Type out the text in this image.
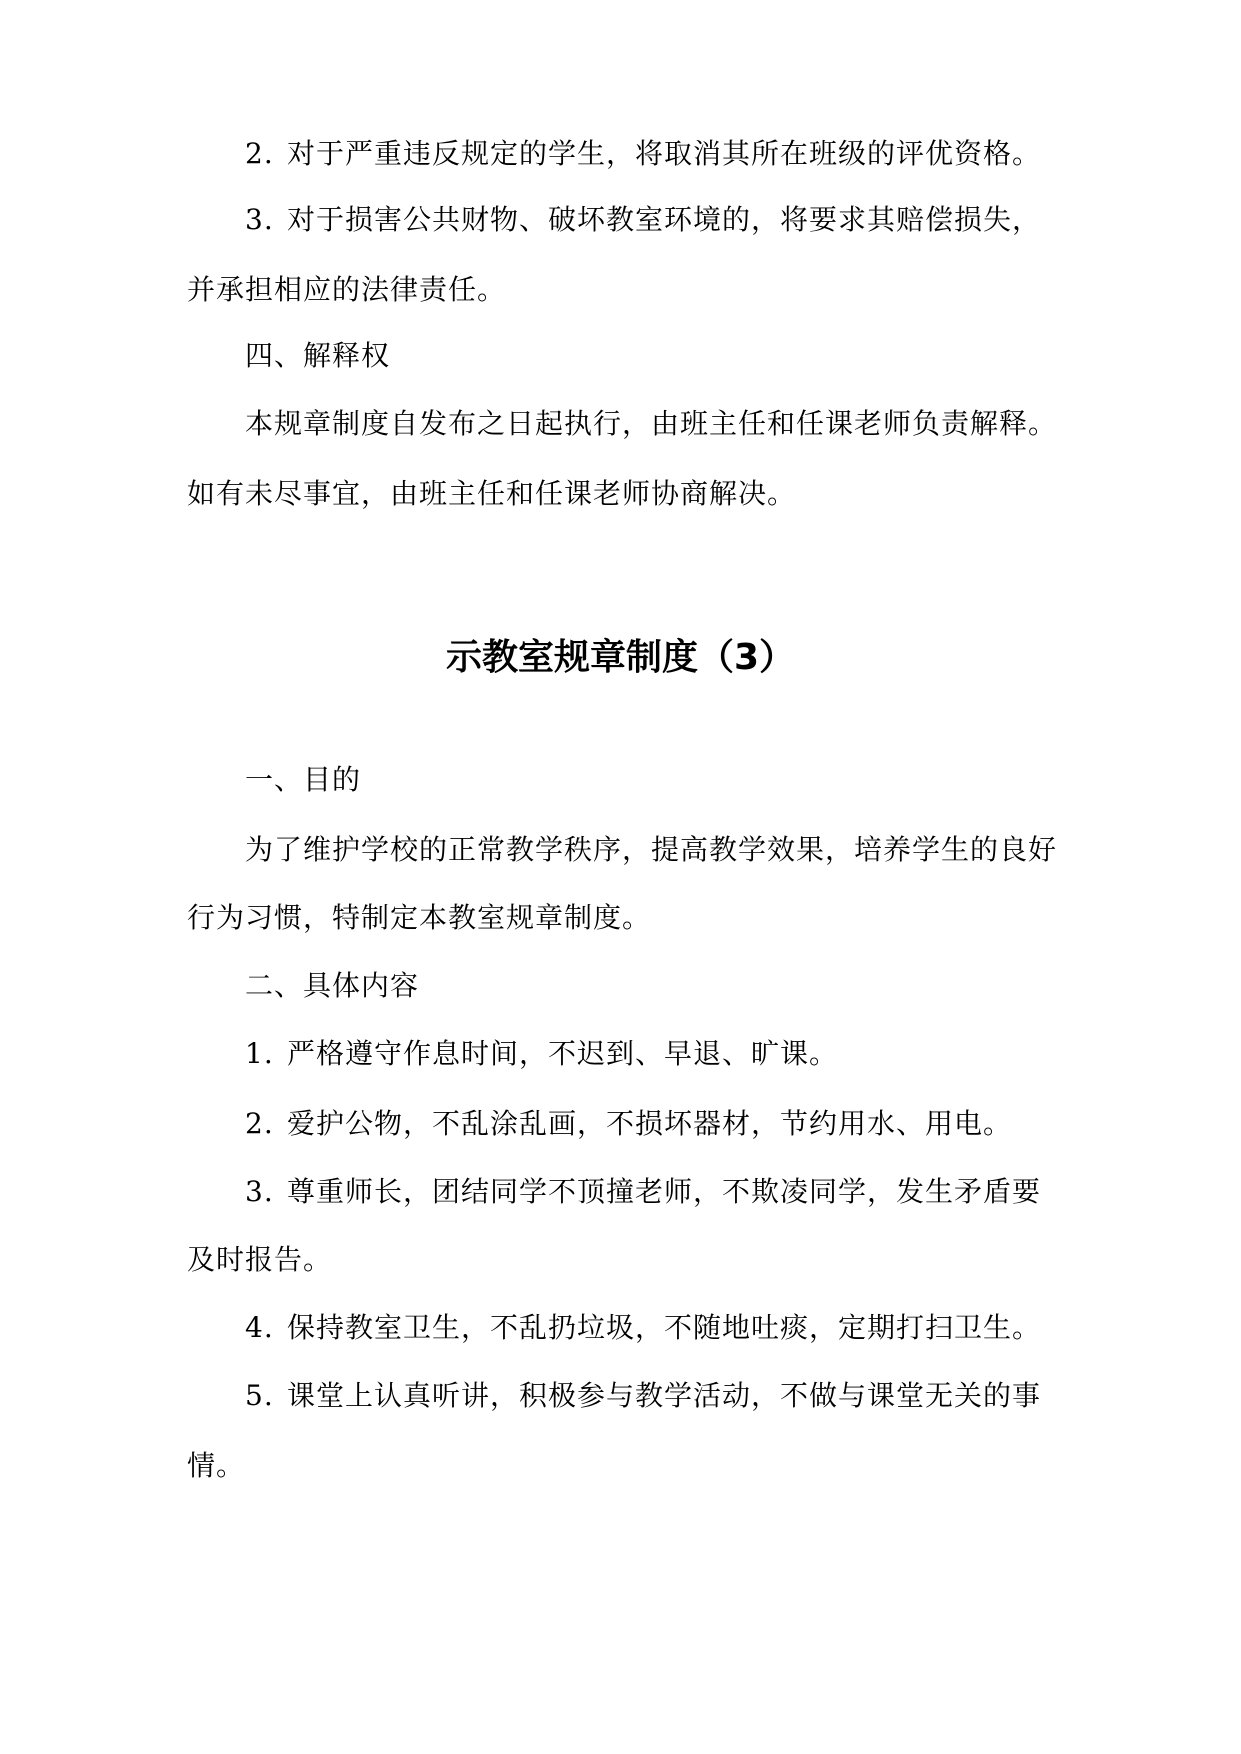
2. 对于严重违反规定的学生，将取消其所在班级的评优资格。
3. 对于损害公共财物、破坏教室环境的，将要求其赔偿损失，
并承担相应的法律责任。
四、解释权
本规章制度自发布之日起执行，由班主任和任课老师负责解释。
如有未尽事宜，由班主任和任课老师协商解决。
示教室规章制度（3）
一、目的
为了维护学校的正常教学秩序，提高教学效果，培养学生的良好
行为习惯，特制定本教室规章制度。
二、具体内容
1. 严格遵守作息时间，不迟到、早退、旷课。
2. 爱护公物，不乱涂乱画，不损坏器材，节约用水、用电。
3. 尊重师长，团结同学不顶撞老师，不欺凌同学，发生矛盾要
及时报告。
4. 保持教室卫生，不乱扔垃圾，不随地吐痰，定期打扫卫生。
5. 课堂上认真听讲，积极参与教学活动，不做与课堂无关的事
情。
